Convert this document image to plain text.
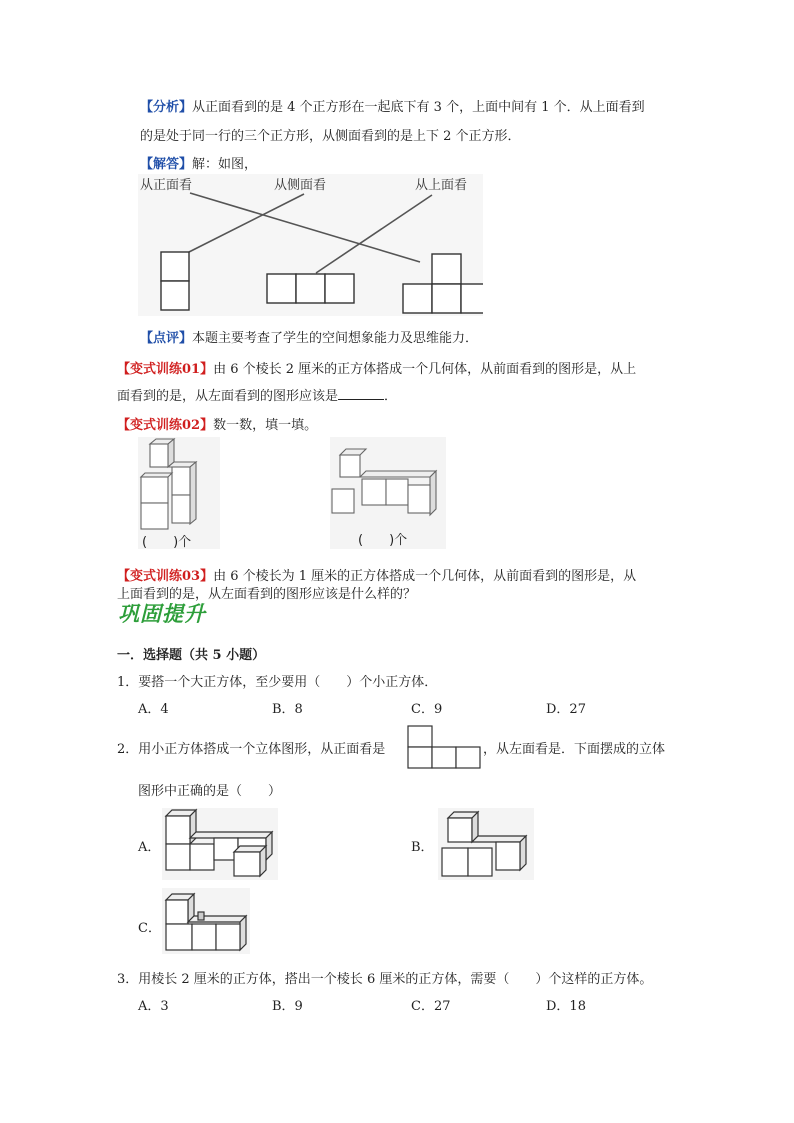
【分析】从正面看到的是 4 个正方形在一起底下有 3 个，上面中间有 1 个．从上面看到
的是处于同一行的三个正方形，从侧面看到的是上下 2 个正方形．
【解答】解：如图，
从正面看	从侧面看	从上面看
【点评】本题主要考查了学生的空间想象能力及思维能力．
【变式训练01】由 6 个棱长 2 厘米的正方体搭成一个几何体，从前面看到的图形是，从上
面看到的是，从左面看到的图形应该是	．
【变式训练02】数一数，填一填。
(　　)个	(　　)个
【变式训练03】由 6 个棱长为 1 厘米的正方体搭成一个几何体，从前面看到的图形是，从
上面看到的是，从左面看到的图形应该是什么样的？
巩固提升
一．选择题（共 5 小题）
1．要搭一个大正方体，至少要用（　　）个小正方体．
A．4	B．8	C．9	D．27
2．用小正方体搭成一个立体图形，从正面看是	，从左面看是．下面摆成的立体
图形中正确的是（　　）
A．	B．
C．
3．用棱长 2 厘米的正方体，搭出一个棱长 6 厘米的正方体，需要（　　）个这样的正方体。
A．3	B．9	C．27	D．18
